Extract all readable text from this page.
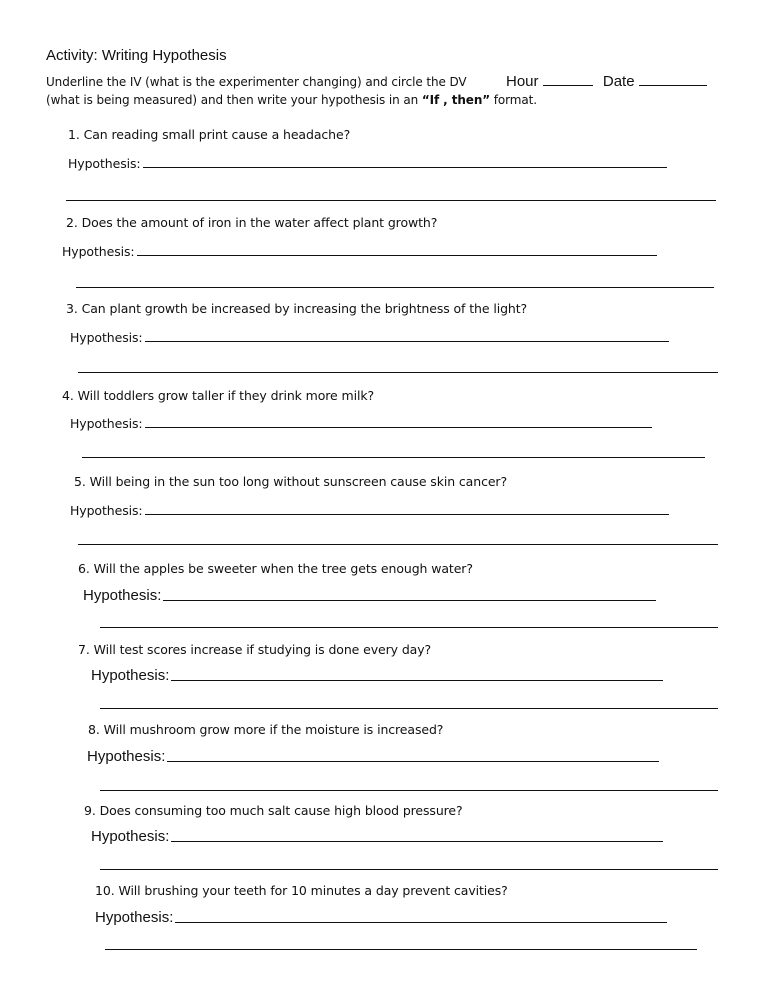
Activity: Writing Hypothesis
Underline the IV (what is the experimenter changing) and circle the DV
(what is being measured) and then write your hypothesis in an “If , then” format.
Hour	Date
1. Can reading small print cause a headache?
Hypothesis:
2. Does the amount of iron in the water affect plant growth?
Hypothesis:
3. Can plant growth be increased by increasing the brightness of the light?
Hypothesis:
4. Will toddlers grow taller if they drink more milk?
Hypothesis:
5. Will being in the sun too long without sunscreen cause skin cancer?
Hypothesis:
6. Will the apples be sweeter when the tree gets enough water?
Hypothesis:
7. Will test scores increase if studying is done every day?
Hypothesis:
8. Will mushroom grow more if the moisture is increased?
Hypothesis:
9. Does consuming too much salt cause high blood pressure?
Hypothesis:
10. Will brushing your teeth for 10 minutes a day prevent cavities?
Hypothesis:
